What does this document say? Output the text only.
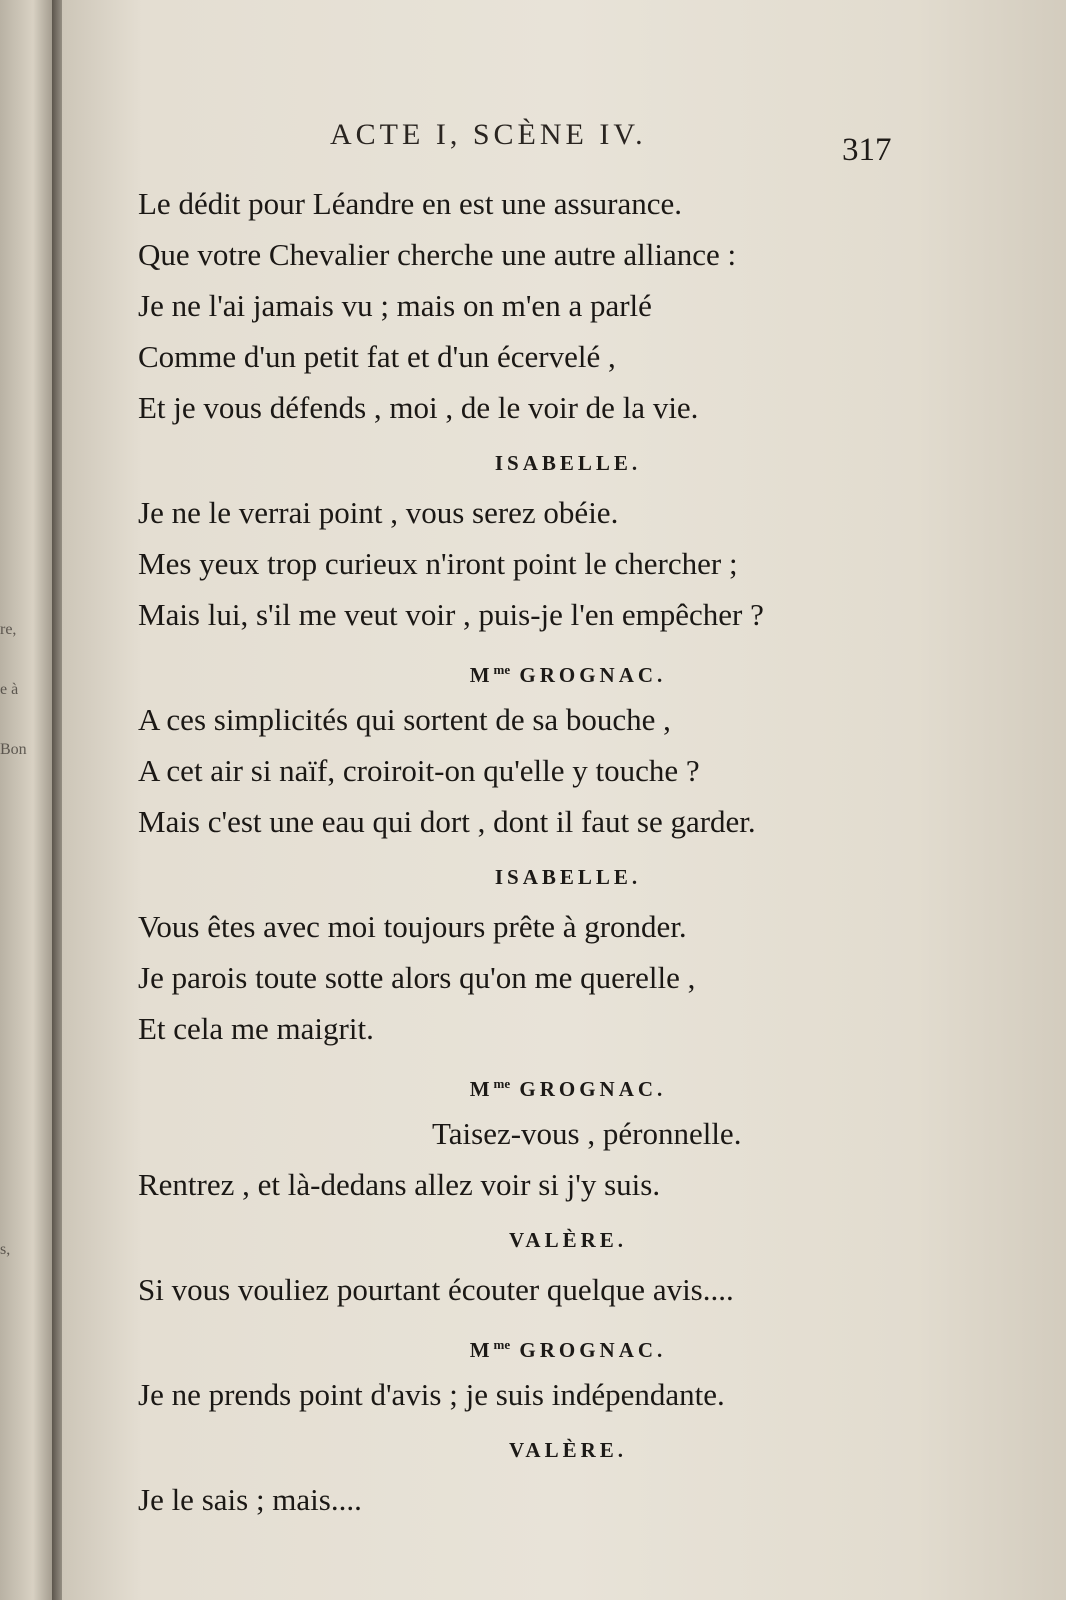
re,
e à Bon
s,
ACTE I, SCÈNE IV.	317
Le dédit pour Léandre en est une assurance.
Que votre Chevalier cherche une autre alliance :
Je ne l'ai jamais vu ; mais on m'en a parlé
Comme d'un petit fat et d'un écervelé ,
Et je vous défends , moi , de le voir de la vie.
ISABELLE.
Je ne le verrai point , vous serez obéie.
Mes yeux trop curieux n'iront point le chercher ;
Mais lui, s'il me veut voir , puis-je l'en empêcher ?
$M^{me}$ GROGNAC.
A ces simplicités qui sortent de sa bouche ,
A cet air si naïf, croiroit-on qu'elle y touche ?
Mais c'est une eau qui dort , dont il faut se garder.
ISABELLE.
Vous êtes avec moi toujours prête à gronder.
Je parois toute sotte alors qu'on me querelle ,
Et cela me maigrit.
$M^{me}$ GROGNAC.
Taisez-vous , péronnelle.
Rentrez , et là-dedans allez voir si j'y suis.
VALÈRE.
Si vous vouliez pourtant écouter quelque avis....
$M^{me}$ GROGNAC.
Je ne prends point d'avis ; je suis indépendante.
VALÈRE.
Je le sais ; mais....
